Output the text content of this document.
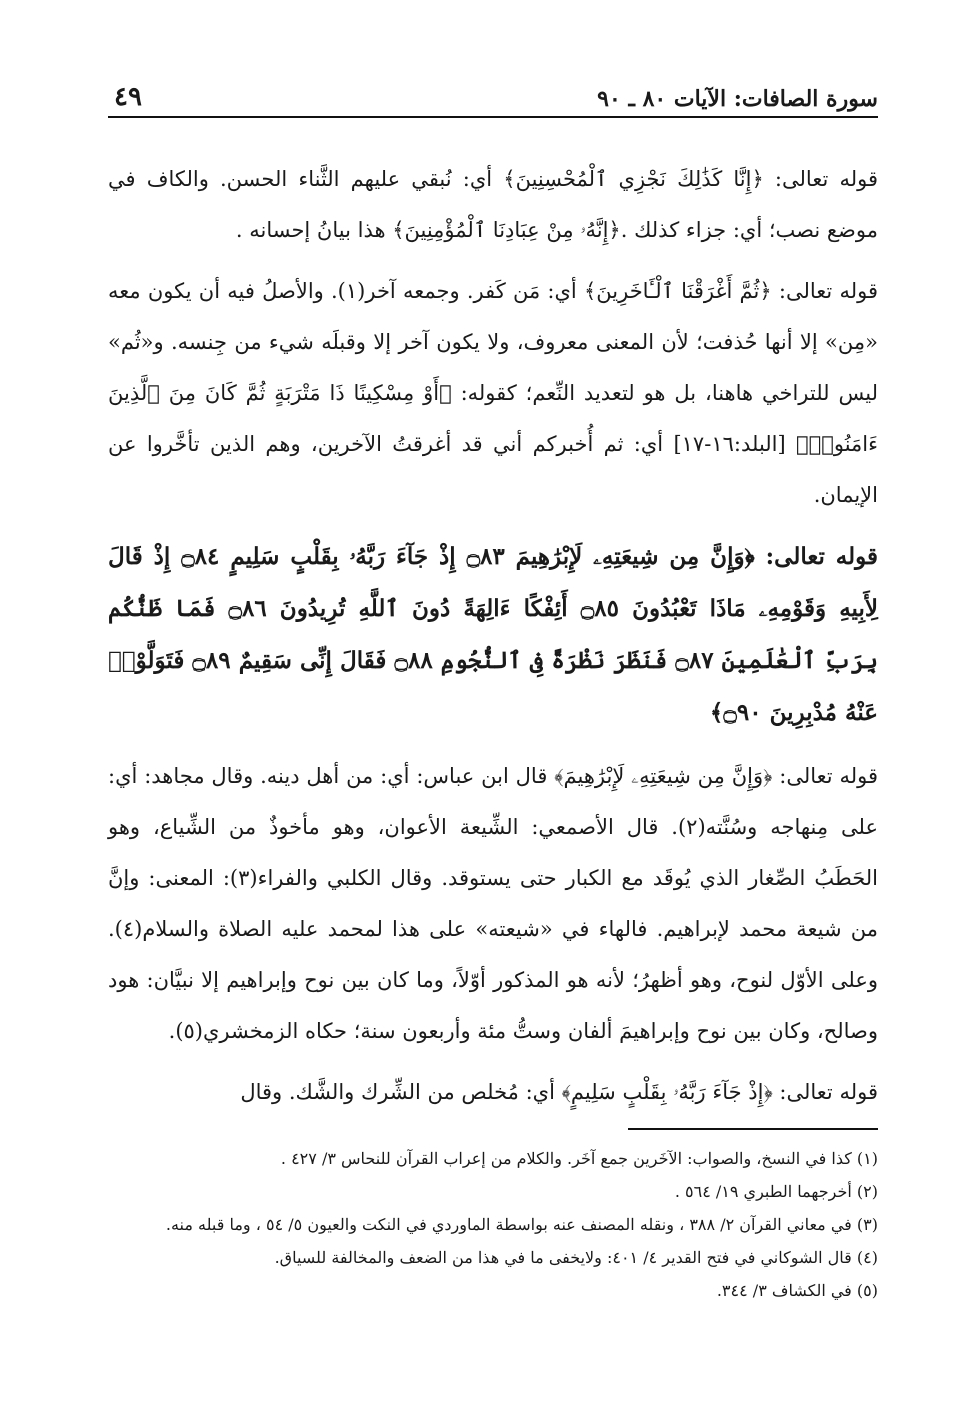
سورة الصافات: الآيات ٨٠ ـ ٩٠
٤٩

قوله تعالى: ﴿إِنَّا كَذَٰلِكَ نَجْزِي ٱلْمُحْسِنِينَ﴾ أي: نُبقي عليهم الثَّناء الحسن. والكاف في موضع نصب؛ أي: جزاء كذلك .﴿إِنَّهُۥ مِنْ عِبَادِنَا ٱلْمُؤْمِنِينَ﴾ هذا بيانُ إحسانه .

قوله تعالى: ﴿ثُمَّ أَغْرَقْنَا ٱلْـَٔاخَرِينَ﴾ أي: مَن كَفر. وجمعه آخر(١). والأصلُ فيه أن يكون معه «مِن» إلا أنها حُذفت؛ لأن المعنى معروف، ولا يكون آخر إلا وقبلَه شيء من جِنسه. و«ثُم» ليس للتراخي هاهنا، بل هو لتعديد النِّعم؛ كقوله: ﴿أَوْ مِسْكِينًا ذَا مَتْرَبَةٍ ثُمَّ كَانَ مِنَ ٱلَّذِينَ ءَامَنُوا۟﴾ [البلد:١٦-١٧] أي: ثم أُخبركم أني قد أغرقتُ الآخرين، وهم الذين تأخَّروا عن الإيمان.

قوله تعالى: ﴿وَإِنَّ مِن شِيعَتِهِۦ لَإِبْرَٰهِيمَ ۝٨٣ إِذْ جَآءَ رَبَّهُۥ بِقَلْبٍ سَلِيمٍ ۝٨٤ إِذْ قَالَ لِأَبِيهِ وَقَوْمِهِۦ مَاذَا تَعْبُدُونَ ۝٨٥ أَئِفْكًا ءَالِهَةً دُونَ ٱللَّهِ تُرِيدُونَ ۝٨٦ فَمَا ظَنُّكُم بِرَبِّ ٱلْعَٰلَمِينَ ۝٨٧ فَنَظَرَ نَظْرَةً فِى ٱلنُّجُومِ ۝٨٨ فَقَالَ إِنِّى سَقِيمٌ ۝٨٩ فَتَوَلَّوْا۟ عَنْهُ مُدْبِرِينَ ۝٩٠﴾

قوله تعالى: ﴿وَإِنَّ مِن شِيعَتِهِۦ لَإِبْرَٰهِيمَ﴾ قال ابن عباس: أي: من أهل دينه. وقال مجاهد: أي: على مِنهاجه وسُنَّته(٢). قال الأصمعي: الشِّيعة الأعوان، وهو مأخوذٌ من الشِّياع، وهو الحَطَبُ الصِّغار الذي يُوقَد مع الكبار حتى يستوقد. وقال الكلبي والفراء(٣): المعنى: وإنَّ من شيعة محمد لإبراهيم. فالهاء في «شيعته» على هذا لمحمد عليه الصلاة والسلام(٤). وعلى الأوّل لنوح، وهو أظهرُ؛ لأنه هو المذكور أوّلاً، وما كان بين نوح وإبراهيم إلا نبيَّان: هود وصالح، وكان بين نوح وإبراهيمَ ألفان وستُّ مئة وأربعون سنة؛ حكاه الزمخشري(٥).

قوله تعالى: ﴿إِذْ جَآءَ رَبَّهُۥ بِقَلْبٍ سَلِيمٍ﴾ أي: مُخلص من الشِّرك والشَّك. وقال

(١) كذا في النسخ، والصواب: الآخَرين جمع آخَر. والكلام من إعراب القرآن للنحاس ٣/ ٤٢٧ .
(٢) أخرجهما الطبري ١٩/ ٥٦٤ .
(٣) في معاني القرآن ٢/ ٣٨٨ ، ونقله المصنف عنه بواسطة الماوردي في النكت والعيون ٥/ ٥٤ ، وما قبله منه.
(٤) قال الشوكاني في فتح القدير ٤/ ٤٠١: ولايخفى ما في هذا من الضعف والمخالفة للسياق.
(٥) في الكشاف ٣/ ٣٤٤.
